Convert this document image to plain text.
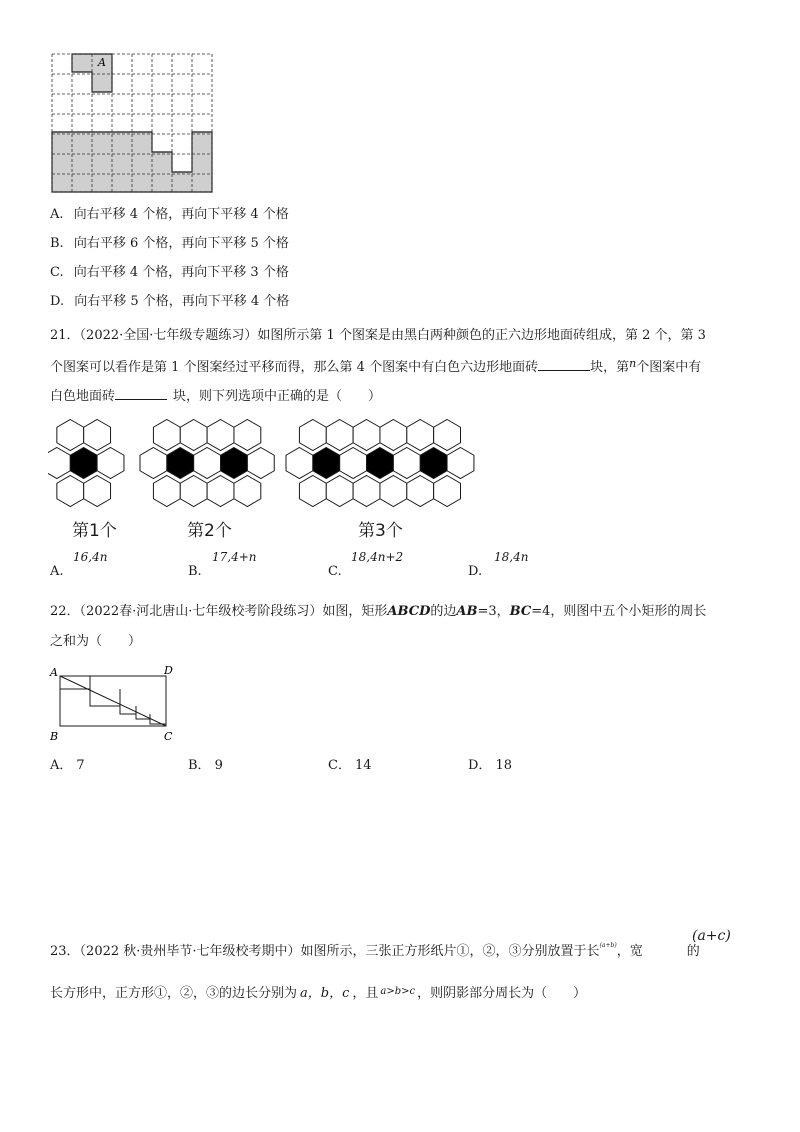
A
A. 向右平移 4 个格，再向下平移 4 个格
B. 向右平移 6 个格，再向下平移 5 个格
C. 向右平移 4 个格，再向下平移 3 个格
D. 向右平移 5 个格，再向下平移 4 个格
21．（2022·全国·七年级专题练习）如图所示第 1 个图案是由黑白两种颜色的正六边形地面砖组成，第 2 个，第 3
个图案可以看作是第 1 个图案经过平移而得，那么第 4 个图案中有白色六边形地面砖	块，第$^n$个图案中有
白色地面砖	块，则下列选项中正确的是（　　）
第1个	第2个	第3个
A.
16,4n
B.
17,4+n
C.
18,4n+2
D.
18,4n
22．（2022春·河北唐山·七年级校考阶段练习）如图，矩形ABCD的边AB=3，BC=4，则图中五个小矩形的周长
之和为（　　）
A	D
B	C
A． 7	B． 9	C． 14	D． 18
(a+c)
23．（2022 秋·贵州毕节·七年级校考期中）如图所示，三张正方形纸片①，②，③分别放置于长$^{(a+b)}$，宽	的
长方形中，正方形①，②，③的边长分别为 a，b，c ，且 $^{a>b>c}$ ，则阴影部分周长为（　　）
